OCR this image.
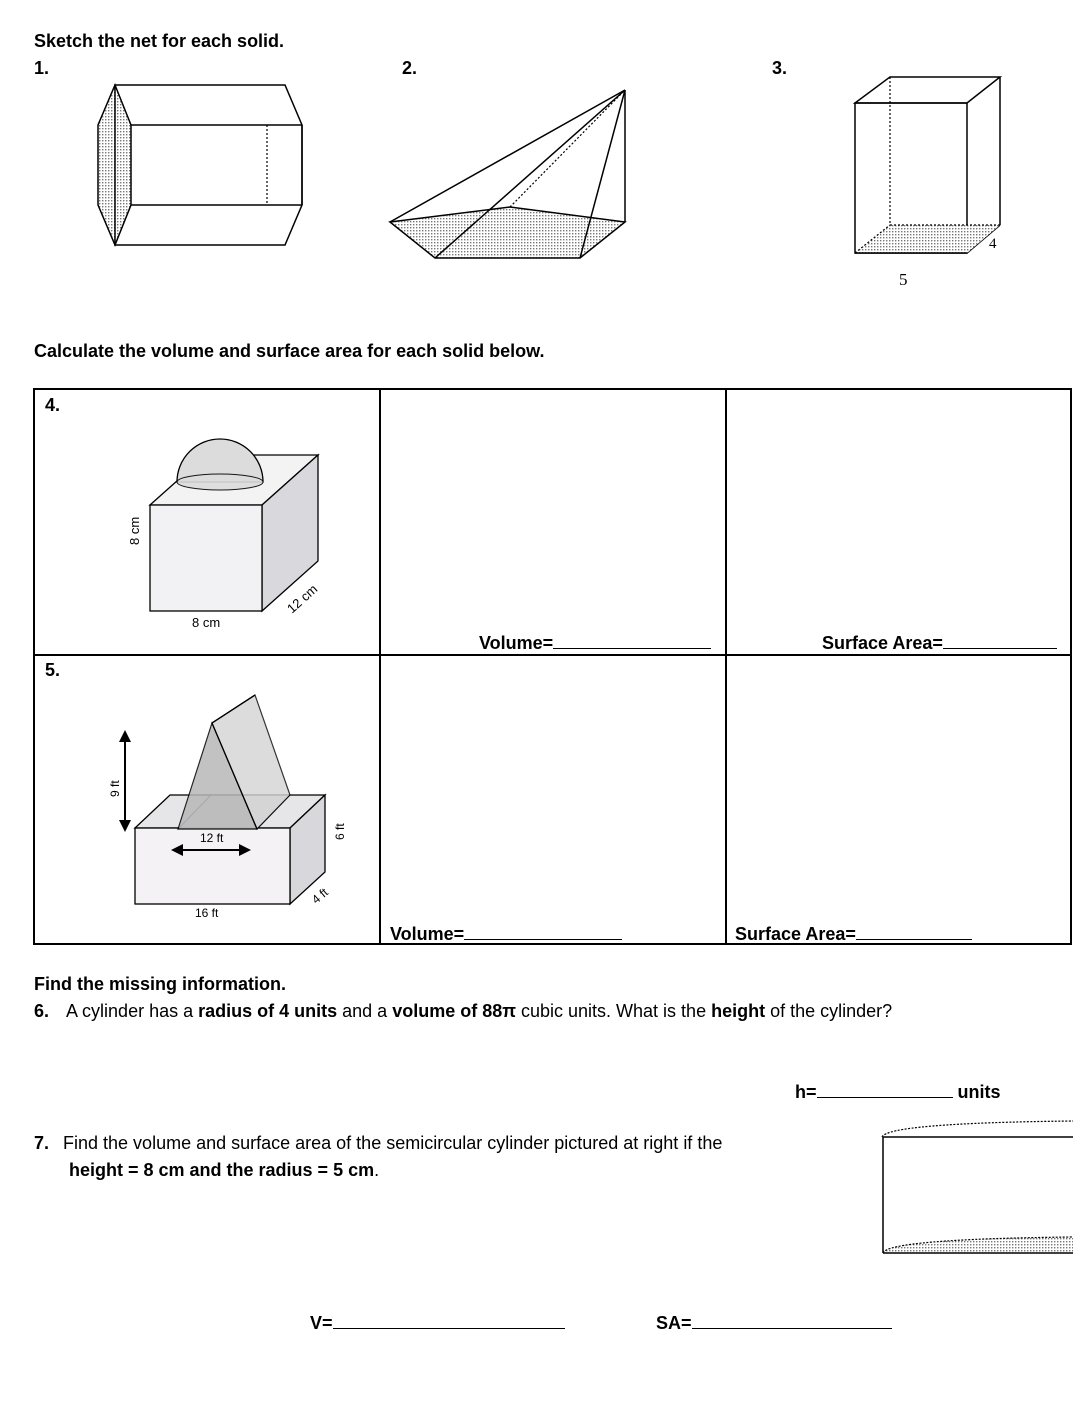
Sketch the net for each solid.
1.	2.	3.
4
5
Calculate the volume and surface area for each solid below.
4.
5.
8 cm
8 cm
12 cm
Volume=	Surface Area=
9 ft
12 ft
16 ft
6 ft
4 ft
Volume=	Surface Area=
Find the missing information.
6. A cylinder has a radius of 4 units and a volume of 88π cubic units. What is the height of the cylinder?
h=	units
7. Find the volume and surface area of the semicircular cylinder pictured at right if the
height = 8 cm and the radius = 5 cm.
V=	SA=
